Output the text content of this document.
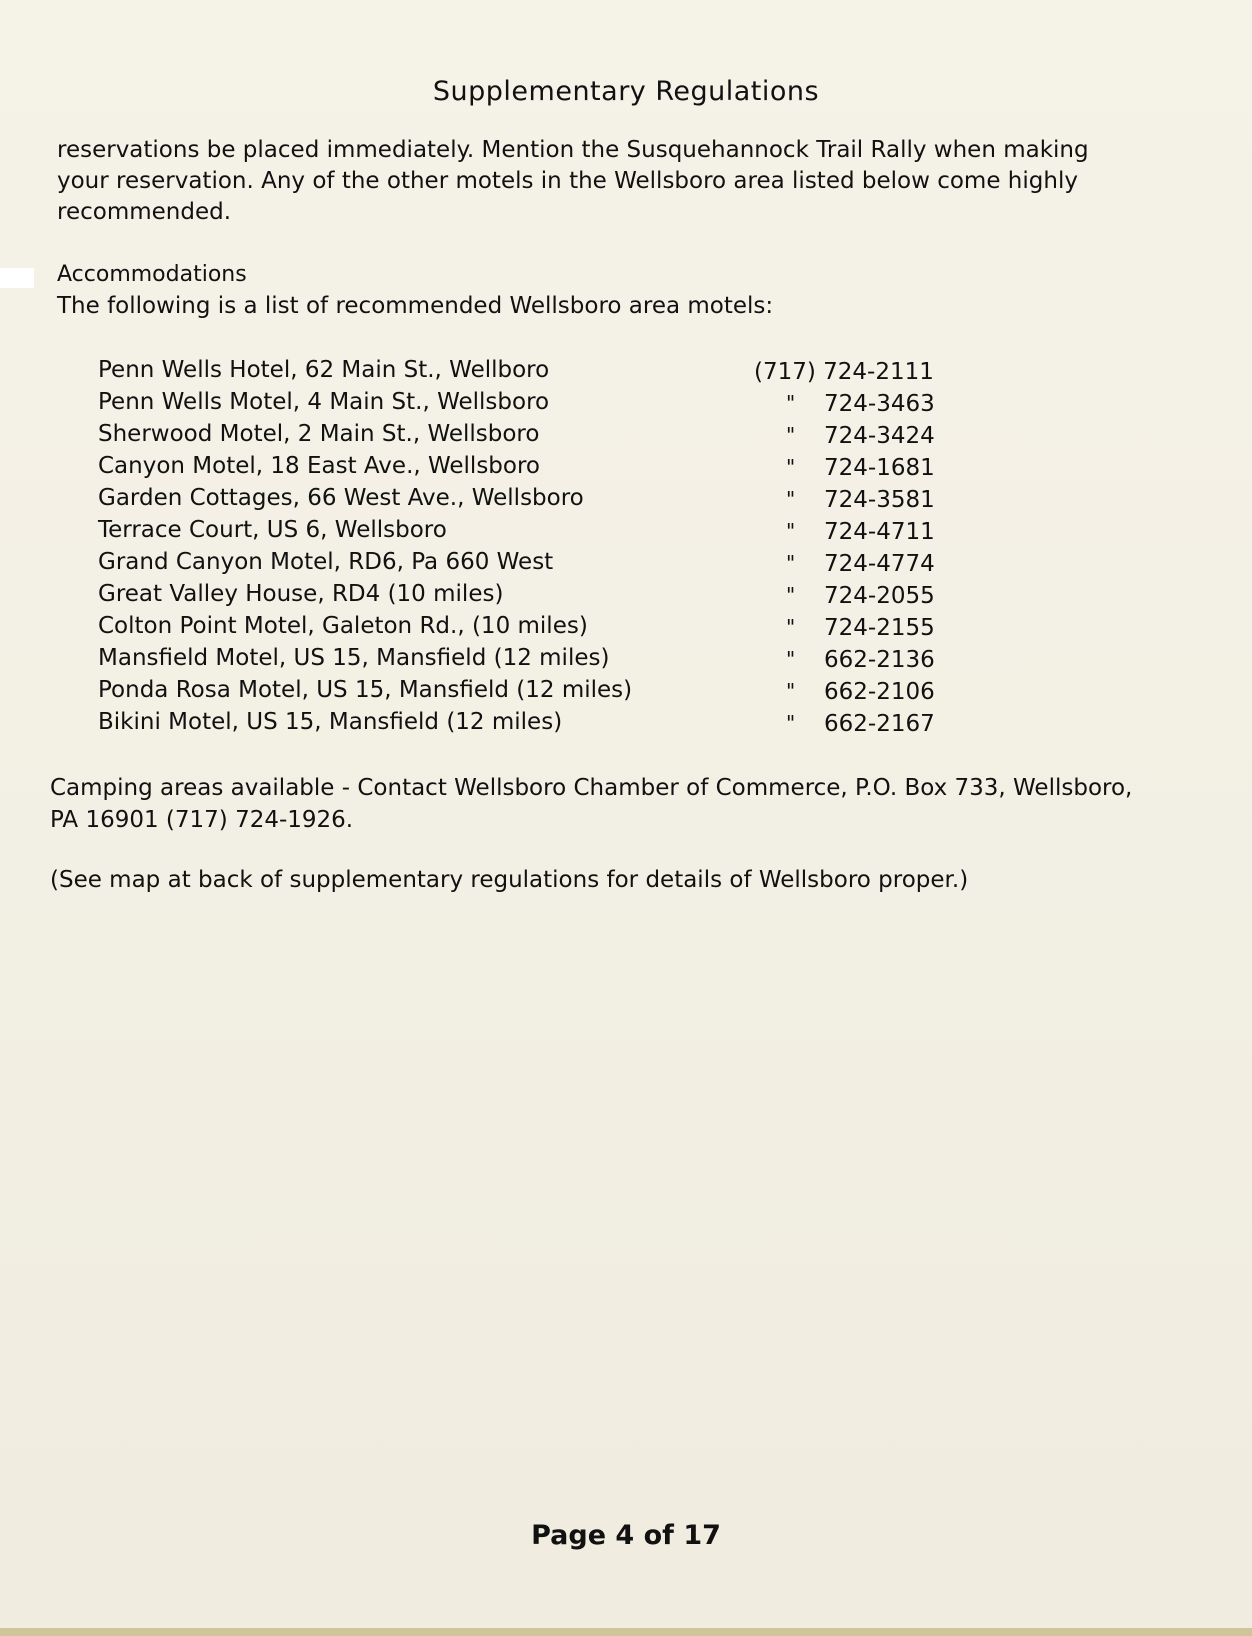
Supplementary Regulations
reservations be placed immediately. Mention the Susquehannock Trail Rally when making your reservation. Any of the other motels in the Wellsboro area listed below come highly recommended.
Accommodations
The following is a list of recommended Wellsboro area motels:
Penn Wells Hotel, 62 Main St., Wellboro	(717) 724-2111
Penn Wells Motel, 4 Main St., Wellsboro	" 724-3463
Sherwood Motel, 2 Main St., Wellsboro	" 724-3424
Canyon Motel, 18 East Ave., Wellsboro	" 724-1681
Garden Cottages, 66 West Ave., Wellsboro	" 724-3581
Terrace Court, US 6, Wellsboro	" 724-4711
Grand Canyon Motel, RD6, Pa 660 West	" 724-4774
Great Valley House, RD4 (10 miles)	" 724-2055
Colton Point Motel, Galeton Rd., (10 miles)	" 724-2155
Mansfield Motel, US 15, Mansfield (12 miles)	" 662-2136
Ponda Rosa Motel, US 15, Mansfield (12 miles)	" 662-2106
Bikini Motel, US 15, Mansfield (12 miles)	" 662-2167
Camping areas available - Contact Wellsboro Chamber of Commerce, P.O. Box 733, Wellsboro, PA 16901 (717) 724-1926.
(See map at back of supplementary regulations for details of Wellsboro proper.)
Page 4 of 17
